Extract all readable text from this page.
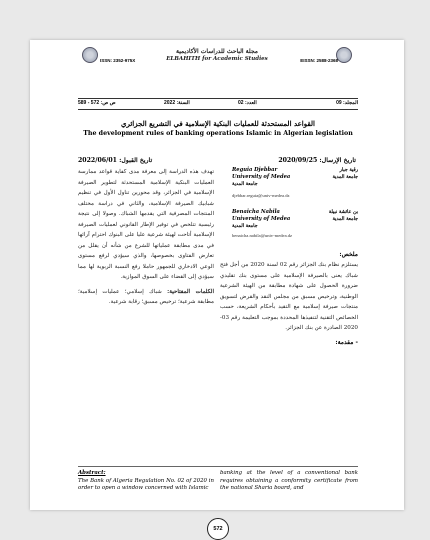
مجلة الباحث للدراسات الأكاديمية
ELBAHITH for Academic Studies
ISSN: 2352-975X	EISSN: 2588-2368
ص ص: 572 - 589	السنة: 2022	العدد: 02	المجلد: 09
القواعد المستحدثة للعمليات البنكية الإسلامية في التشريع الجزائري
The development rules of banking operations Islamic in Algerian legislation
تاريخ القبول: 2022/06/01	تاريخ الإرسال: 2020/09/25
تهدف هذه الدراسة إلى معرفة مدى كفاية قواعد ممارسة العمليات البنكية الإسلامية المستحدثة لتطوير الصيرفة الإسلامية في الجزائر، وقد محورين تناول الأول في تنظيم شبابيك الصيرفة الإسلامية، والثاني في دراسة مختلف المنتجات المصرفية التي يقدمها الشباك. وصولا إلى نتيجة رئيسية تتلخص في توفير الإطار القانوني لعمليات الصيرفة الإسلامية أتاحت لهيئة شرعية عليا على البنوك احترام آرائها في مدى مطابقة عملياتها للشرع من شأنه أن يقلل من تعارض الفتاوى بخصوصها، والذي سيؤدي لرفع مستوى الوعي الادخاري للجمهور حاملا رفع النسبة الربوية لها مما سيؤدي إلى القضاء على السوق الموازية.
الكلمات المفتاحية: شباك إسلامي؛ عمليات إسلامية؛ مطابقة شرعية؛ ترخيص مسبق؛ رقابة شرعية.
Reguia Djebbar
University of Medea
جامعة المدية
djebbar.reguia@univ-medea.dz
رقية جبار
جامعة المدية
Benaicha Nabila
University of Medea
جامعة المدية
benaicha.nabila@univ-medea.dz
بن عائشة نبيلة
جامعة المدية
ملخص:
يستلزم نظام بنك الجزائر رقم 02 لسنة 2020 من أجل فتح شباك يعنى بالصيرفة الإسلامية على مستوى بنك تقليدي ضرورة الحصول على شهادة مطابقة من الهيئة الشرعية الوطنية، وترخيص مسبق من مجلس النقد والقرض لتسويق منتجات صيرفة إسلامية مع التقيد بأحكام الشريعة، حسب الخصائص التقنية لتنفيذها المحددة بموجب التعليمة رقم 03-2020 الصادرة عن بنك الجزائر.
- مقدمة:
Abstract:
The Bank of Algeria Regulation No. 02 of 2020 in order to open a window concerned with Islamic
banking at the level of a conventional bank requires obtaining a conformity certificate from the national Sharia board, and
572
